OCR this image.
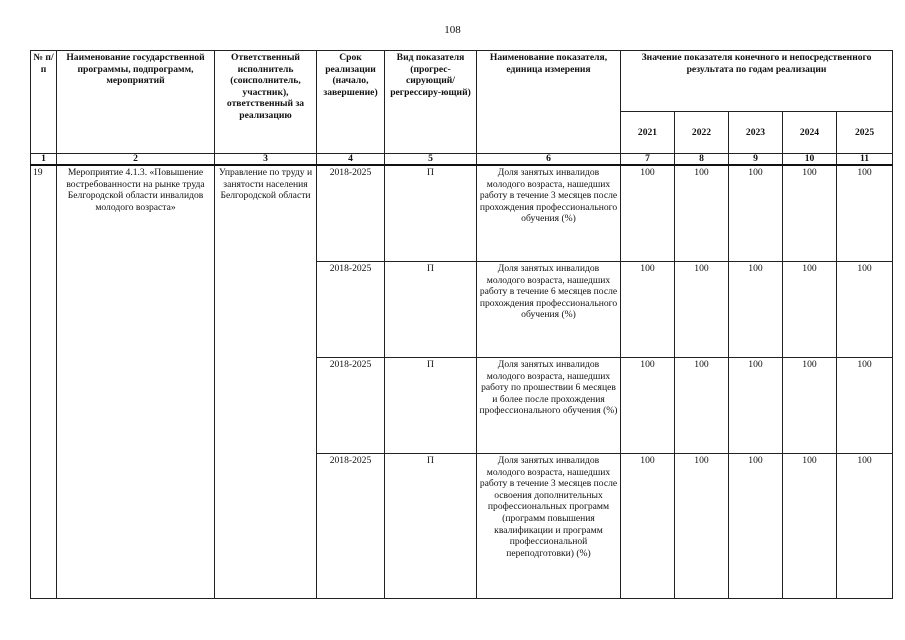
108
№ п/п	Наименование государственной программы, подпрограмм, мероприятий	Ответственный исполнитель (соисполнитель, участник), ответственный за реализацию	Срок реализации (начало, завершение)	Вид показателя (прогрес-сирующий/ регрессиру-ющий)	Наименование показателя, единица измерения	Значение показателя конечного и непосредственного результата по годам реализации				
						2021	2022	2023	2024	2025
1	2	3	4	5	6	7	8	9	10	11
19	Мероприятие 4.1.3. «Повышение востребованности на рынке труда Белгородской области инвалидов молодого возраста»	Управление по труду и занятости населения Белгородской области	2018-2025	П	Доля занятых инвалидов молодого возраста, нашедших работу в течение 3 месяцев после прохождения профессионального обучения (%)	100	100	100	100	100
			2018-2025	П	Доля занятых инвалидов молодого возраста, нашедших работу в течение 6 месяцев после прохождения профессионального обучения (%)	100	100	100	100	100
			2018-2025	П	Доля занятых инвалидов молодого возраста, нашедших работу по прошествии 6 месяцев и более после прохождения профессионального обучения (%)	100	100	100	100	100
			2018-2025	П	Доля занятых инвалидов молодого возраста, нашедших работу в течение 3 месяцев после освоения дополнительных профессиональных программ (программ повышения квалификации и программ профессиональной переподготовки) (%)	100	100	100	100	100
